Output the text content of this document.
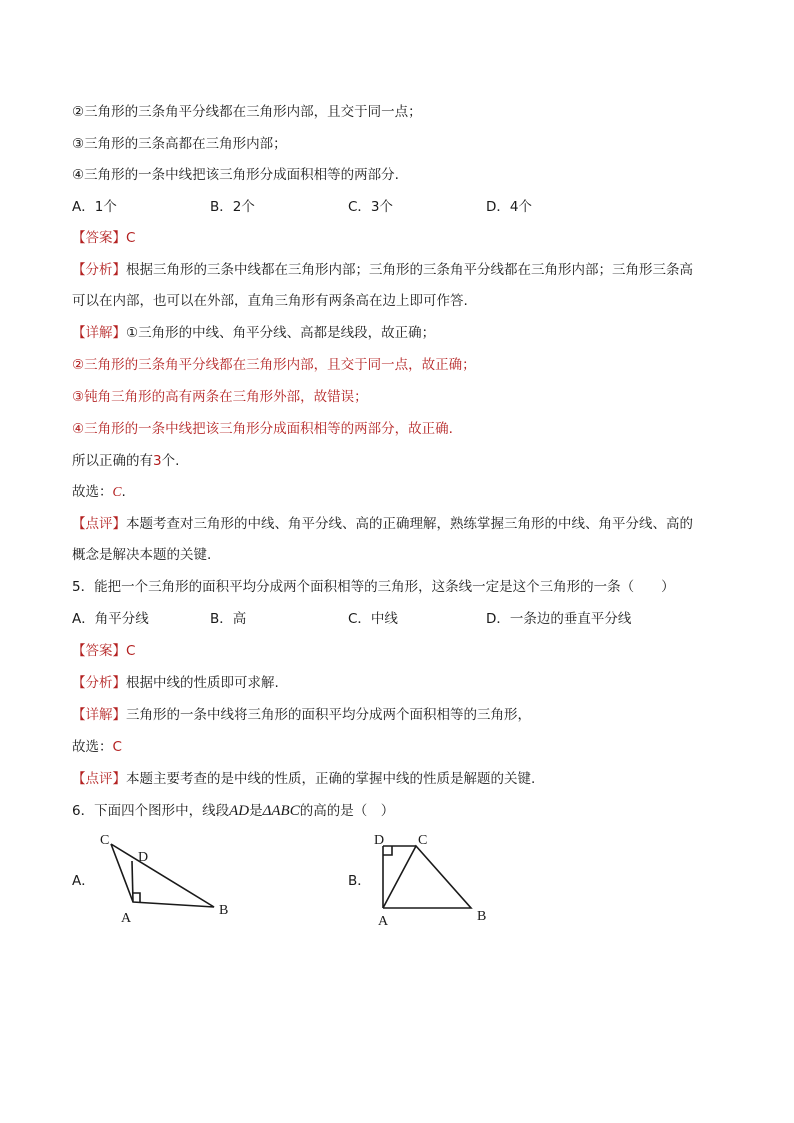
②三角形的三条角平分线都在三角形内部，且交于同一点；
③三角形的三条高都在三角形内部；
④三角形的一条中线把该三角形分成面积相等的两部分.
A．1个	B．2个	C．3个	D．4个
【答案】C
【分析】根据三角形的三条中线都在三角形内部；三角形的三条角平分线都在三角形内部；三角形三条高
可以在内部，也可以在外部，直角三角形有两条高在边上即可作答.
【详解】①三角形的中线、角平分线、高都是线段，故正确；
②三角形的三条角平分线都在三角形内部，且交于同一点，故正确；
③钝角三角形的高有两条在三角形外部，故错误；
④三角形的一条中线把该三角形分成面积相等的两部分，故正确.
所以正确的有3个.
故选：C.
【点评】本题考查对三角形的中线、角平分线、高的正确理解，熟练掌握三角形的中线、角平分线、高的
概念是解决本题的关键.
5．能把一个三角形的面积平均分成两个面积相等的三角形，这条线一定是这个三角形的一条（　　）
A．角平分线	B．高	C．中线	D．一条边的垂直平分线
【答案】C
【分析】根据中线的性质即可求解.
【详解】三角形的一条中线将三角形的面积平均分成两个面积相等的三角形，
故选：C
【点评】本题主要考查的是中线的性质，正确的掌握中线的性质是解题的关键.
6．下面四个图形中，线段AD是ΔABC的高的是（　）
A．
C
D
A
B
B．
D C
A	B
